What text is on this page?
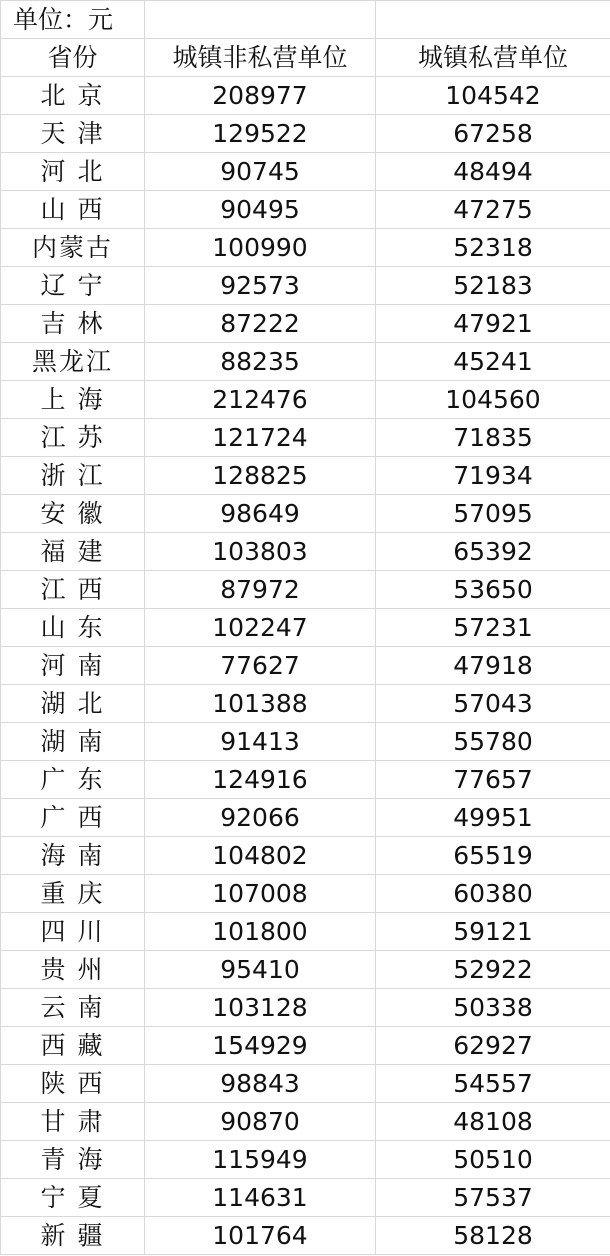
单位：元		
省份	城镇非私营单位	城镇私营单位
北 京	208977	104542
天 津	129522	67258
河 北	90745	48494
山 西	90495	47275
内蒙古	100990	52318
辽 宁	92573	52183
吉 林	87222	47921
黑龙江	88235	45241
上 海	212476	104560
江 苏	121724	71835
浙 江	128825	71934
安 徽	98649	57095
福 建	103803	65392
江 西	87972	53650
山 东	102247	57231
河 南	77627	47918
湖 北	101388	57043
湖 南	91413	55780
广 东	124916	77657
广 西	92066	49951
海 南	104802	65519
重 庆	107008	60380
四 川	101800	59121
贵 州	95410	52922
云 南	103128	50338
西 藏	154929	62927
陕 西	98843	54557
甘 肃	90870	48108
青 海	115949	50510
宁 夏	114631	57537
新 疆	101764	58128
